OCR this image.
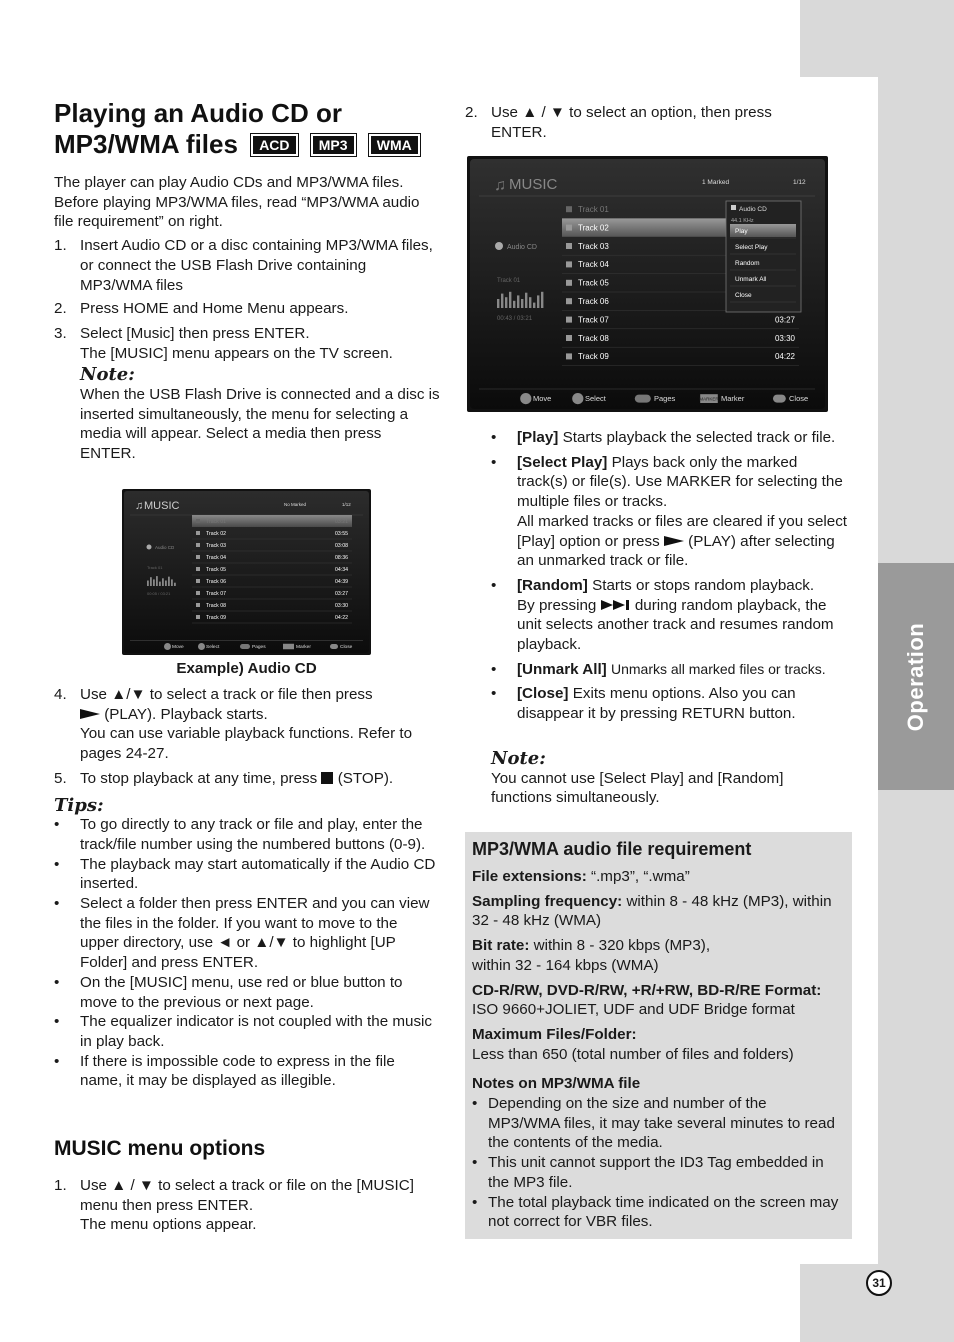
Operation
31
Playing an Audio CD or
MP3/WMA files ACD MP3 WMA
The player can play Audio CDs and MP3/WMA files. Before playing MP3/WMA files, read “MP3/WMA audio file requirement” on right.
1. Insert Audio CD or a disc containing MP3/WMA files, or connect the USB Flash Drive containing MP3/WMA files
2. Press HOME and Home Menu appears.
3. Select [Music] then press ENTER.
The [MUSIC] menu appears on the TV screen.
Note:
When the USB Flash Drive is connected and a disc is inserted simultaneously, the menu for selecting a media will appear. Select a media then press ENTER.
MUSIC
♫	No Marked	1/12
Audio CD
Track 01
00:05 / 03:21
Track 01	03:21
Track 02	03:55
Track 03	03:08
Track 04	08:36
Track 05	04:34
Track 06	04:39
Track 07	03:27
Track 08	03:30
Track 09	04:22
Move	Select	Pages	Marker	Close
Example) Audio CD
4. Use ▲/▼ to select a track or file then press
(PLAY). Playback starts.
You can use variable playback functions. Refer to pages 24-27.
5. To stop playback at any time, press (STOP).
Tips:
• To go directly to any track or file and play, enter the track/file number using the numbered buttons (0-9).
• The playback may start automatically if the Audio CD inserted.
• Select a folder then press ENTER and you can view the files in the folder. If you want to move to the upper directory, use ◄ or ▲/▼ to highlight [UP Folder] and press ENTER.
• On the [MUSIC] menu, use red or blue button to move to the previous or next page.
• The equalizer indicator is not coupled with the music in play back.
• If there is impossible code to express in the file name, it may be displayed as illegible.
MUSIC menu options
1. Use ▲ / ▼ to select a track or file on the [MUSIC] menu then press ENTER.
The menu options appear.
2. Use ▲ / ▼ to select an option, then press ENTER.
♫ MUSIC	1 Marked	1/12
Audio CD
Track 01
00:43 / 03:21
Track 01
Track 02
Track 03
Track 04
Track 05
Track 06
Track 07	03:27
Track 08	03:30
Track 09	04:22
Audio CD
44.1 KHz
Play
Select Play
Random
Unmark All
Close
Move	Select	Pages	MARKER Marker	Close
• [Play] Starts playback the selected track or file.
• [Select Play] Plays back only the marked track(s) or file(s). Use MARKER for selecting the multiple files or tracks.
All marked tracks or files are cleared if you select [Play] option or press (PLAY) after selecting an unmarked track or file.
• [Random] Starts or stops random playback.
By pressing	during random playback, the unit selects another track and resumes random playback.
• [Unmark All] Unmarks all marked files or tracks.
• [Close] Exits menu options. Also you can disappear it by pressing RETURN button.
Note:
You cannot use [Select Play] and [Random] functions simultaneously.
MP3/WMA audio file requirement
File extensions: “.mp3”, “.wma”
Sampling frequency: within 8 - 48 kHz (MP3), within 32 - 48 kHz (WMA)
Bit rate: within 8 - 320 kbps (MP3),
within 32 - 164 kbps (WMA)
CD-R/RW, DVD-R/RW, +R/+RW, BD-R/RE Format:
ISO 9660+JOLIET, UDF and UDF Bridge format
Maximum Files/Folder:
Less than 650 (total number of files and folders)
Notes on MP3/WMA file
• Depending on the size and number of the MP3/WMA files, it may take several minutes to read the contents of the media.
• This unit cannot support the ID3 Tag embedded in the MP3 file.
• The total playback time indicated on the screen may not correct for VBR files.
